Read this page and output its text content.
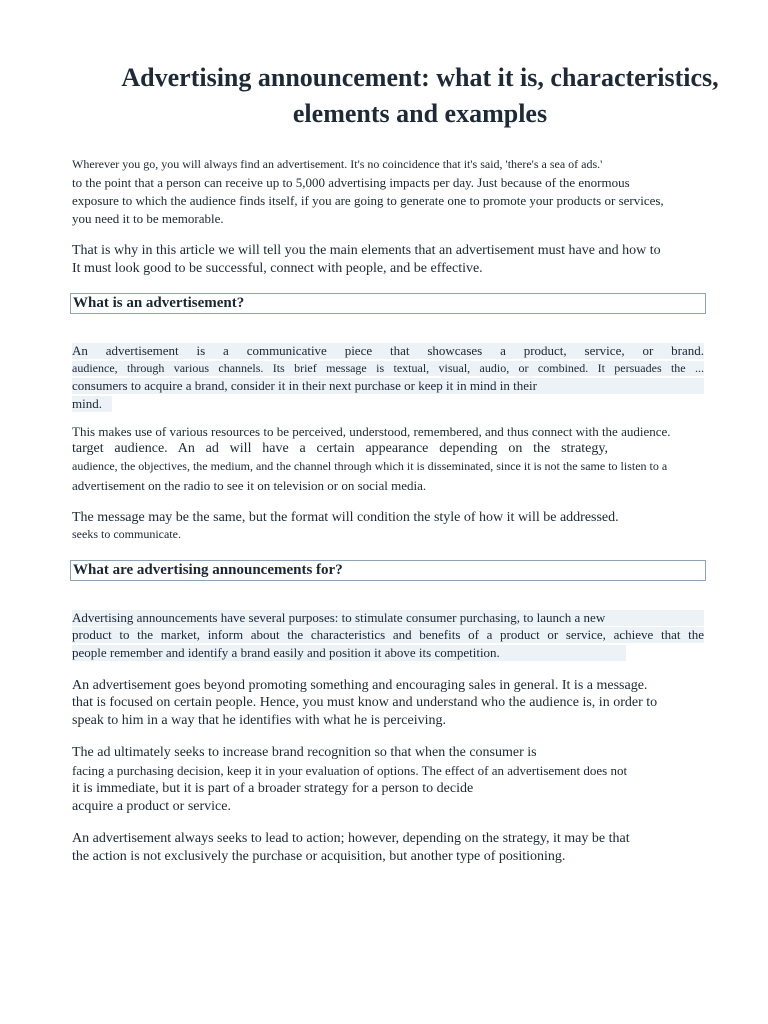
Advertising announcement: what it is, characteristics,
elements and examples

Wherever you go, you will always find an advertisement. It's no coincidence that it's said, 'there's a sea of ads.'

to the point that a person can receive up to 5,000 advertising impacts per day. Just because of the enormous

exposure to which the audience finds itself, if you are going to generate one to promote your products or services,

you need it to be memorable.

That is why in this article we will tell you the main elements that an advertisement must have and how to

It must look good to be successful, connect with people, and be effective.

What is an advertisement?

An advertisement is a communicative piece that showcases a product, service, or brand.

audience, through various channels. Its brief message is textual, visual, audio, or combined. It persuades the ...

consumers to acquire a brand, consider it in their next purchase or keep it in mind in their

mind.

This makes use of various resources to be perceived, understood, remembered, and thus connect with the audience.

target audience. An ad will have a certain appearance depending on the strategy,

audience, the objectives, the medium, and the channel through which it is disseminated, since it is not the same to listen to a

advertisement on the radio to see it on television or on social media.

The message may be the same, but the format will condition the style of how it will be addressed.

seeks to communicate.

What are advertising announcements for?

Advertising announcements have several purposes: to stimulate consumer purchasing, to launch a new

product to the market, inform about the characteristics and benefits of a product or service, achieve that the

people remember and identify a brand easily and position it above its competition.

An advertisement goes beyond promoting something and encouraging sales in general. It is a message.

that is focused on certain people. Hence, you must know and understand who the audience is, in order to

speak to him in a way that he identifies with what he is perceiving.

The ad ultimately seeks to increase brand recognition so that when the consumer is

facing a purchasing decision, keep it in your evaluation of options. The effect of an advertisement does not

it is immediate, but it is part of a broader strategy for a person to decide

acquire a product or service.

An advertisement always seeks to lead to action; however, depending on the strategy, it may be that

the action is not exclusively the purchase or acquisition, but another type of positioning.
